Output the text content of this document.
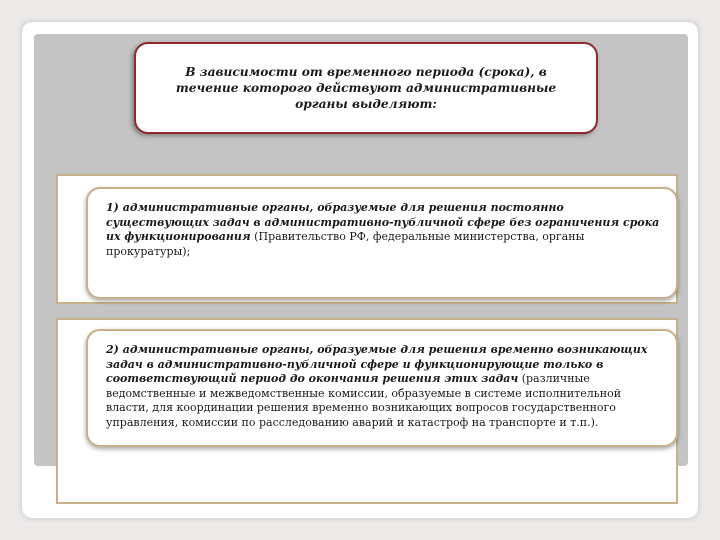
В зависимости от временного периода (срока), в течение которого действуют административные органы выделяют:
1) административные органы, образуемые для решения постоянно существующих задач в административно-публичной сфере без ограничения срока их функционирования (Правительство РФ, федеральные министерства, органы прокуратуры);
2) административные органы, образуемые для решения временно возникающих задач в административно-публичной сфере и функционирующие только в соответствующий период до окончания решения этих задач (различные ведомственные и межведомственные комиссии, образуемые в системе исполнительной власти, для координации решения временно возникающих вопросов государственного управления, комиссии по расследованию аварий и катастроф на транспорте и т.п.).
